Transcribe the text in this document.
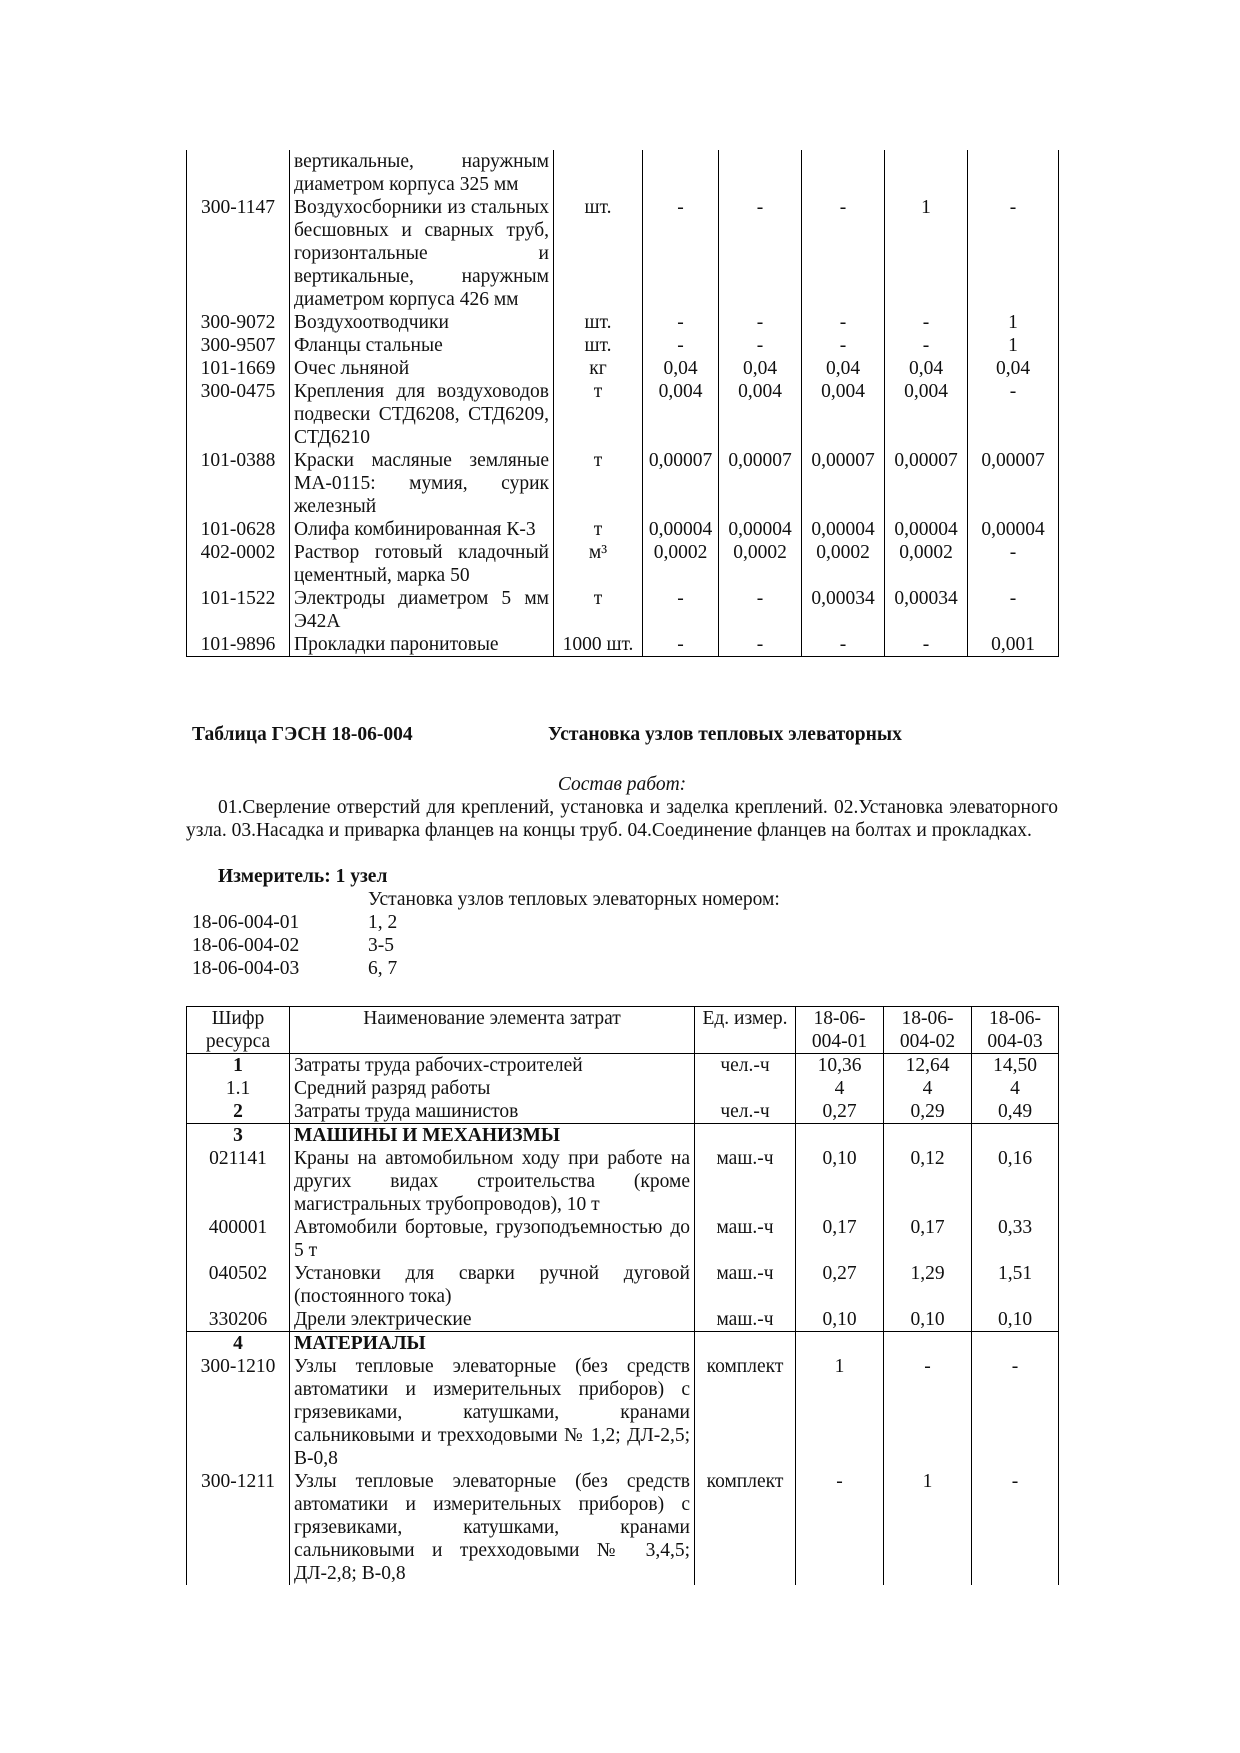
	вертикальные, наружным диаметром корпуса 325 мм						
300-1147	Воздухосборники из стальных бесшовных и сварных труб, горизонтальные и вертикальные, наружным диаметром корпуса 426 мм	шт.	-	-	-	1	-
300-9072	Воздухоотводчики	шт.	-	-	-	-	1
300-9507	Фланцы стальные	шт.	-	-	-	-	1
101-1669	Очес льняной	кг	0,04	0,04	0,04	0,04	0,04
300-0475	Крепления для воздуховодов подвески СТД6208, СТД6209, СТД6210	т	0,004	0,004	0,004	0,004	-
101-0388	Краски масляные земляные МА-0115: мумия, сурик железный	т	0,00007	0,00007	0,00007	0,00007	0,00007
101-0628	Олифа комбинированная К-3	т	0,00004	0,00004	0,00004	0,00004	0,00004
402-0002	Раствор готовый кладочный цементный, марка 50	м³	0,0002	0,0002	0,0002	0,0002	-
101-1522	Электроды диаметром 5 мм Э42А	т	-	-	0,00034	0,00034	-
101-9896	Прокладки паронитовые	1000 шт.	-	-	-	-	0,001
Таблица ГЭСН 18-06-004	Установка узлов тепловых элеваторных
Состав работ:
01.Сверление отверстий для креплений, установка и заделка креплений. 02.Установка элеваторного узла. 03.Насадка и приварка фланцев на концы труб. 04.Соединение фланцев на болтах и прокладках.
Измеритель: 1 узел
Установка узлов тепловых элеваторных номером:
18-06-004-01	1, 2
18-06-004-02	3-5
18-06-004-03	6, 7
Шифр ресурса	Наименование элемента затрат	Ед. измер.	18-06-004-01	18-06-004-02	18-06-004-03
1	Затраты труда рабочих-строителей	чел.-ч	10,36	12,64	14,50
1.1	Средний разряд работы		4	4	4
2	Затраты труда машинистов	чел.-ч	0,27	0,29	0,49
3	МАШИНЫ И МЕХАНИЗМЫ				
021141	Краны на автомобильном ходу при работе на других видах строительства (кроме магистральных трубопроводов), 10 т	маш.-ч	0,10	0,12	0,16
400001	Автомобили бортовые, грузоподъемностью до 5 т	маш.-ч	0,17	0,17	0,33
040502	Установки для сварки ручной дуговой (постоянного тока)	маш.-ч	0,27	1,29	1,51
330206	Дрели электрические	маш.-ч	0,10	0,10	0,10
4	МАТЕРИАЛЫ				
300-1210	Узлы тепловые элеваторные (без средств автоматики и измерительных приборов) с грязевиками, катушками, кранами сальниковыми и трехходовыми № 1,2; ДЛ-2,5; В-0,8	комплект	1	-	-
300-1211	Узлы тепловые элеваторные (без средств автоматики и измерительных приборов) с грязевиками, катушками, кранами сальниковыми и трехходовыми № 3,4,5; ДЛ-2,8; В-0,8	комплект	-	1	-
